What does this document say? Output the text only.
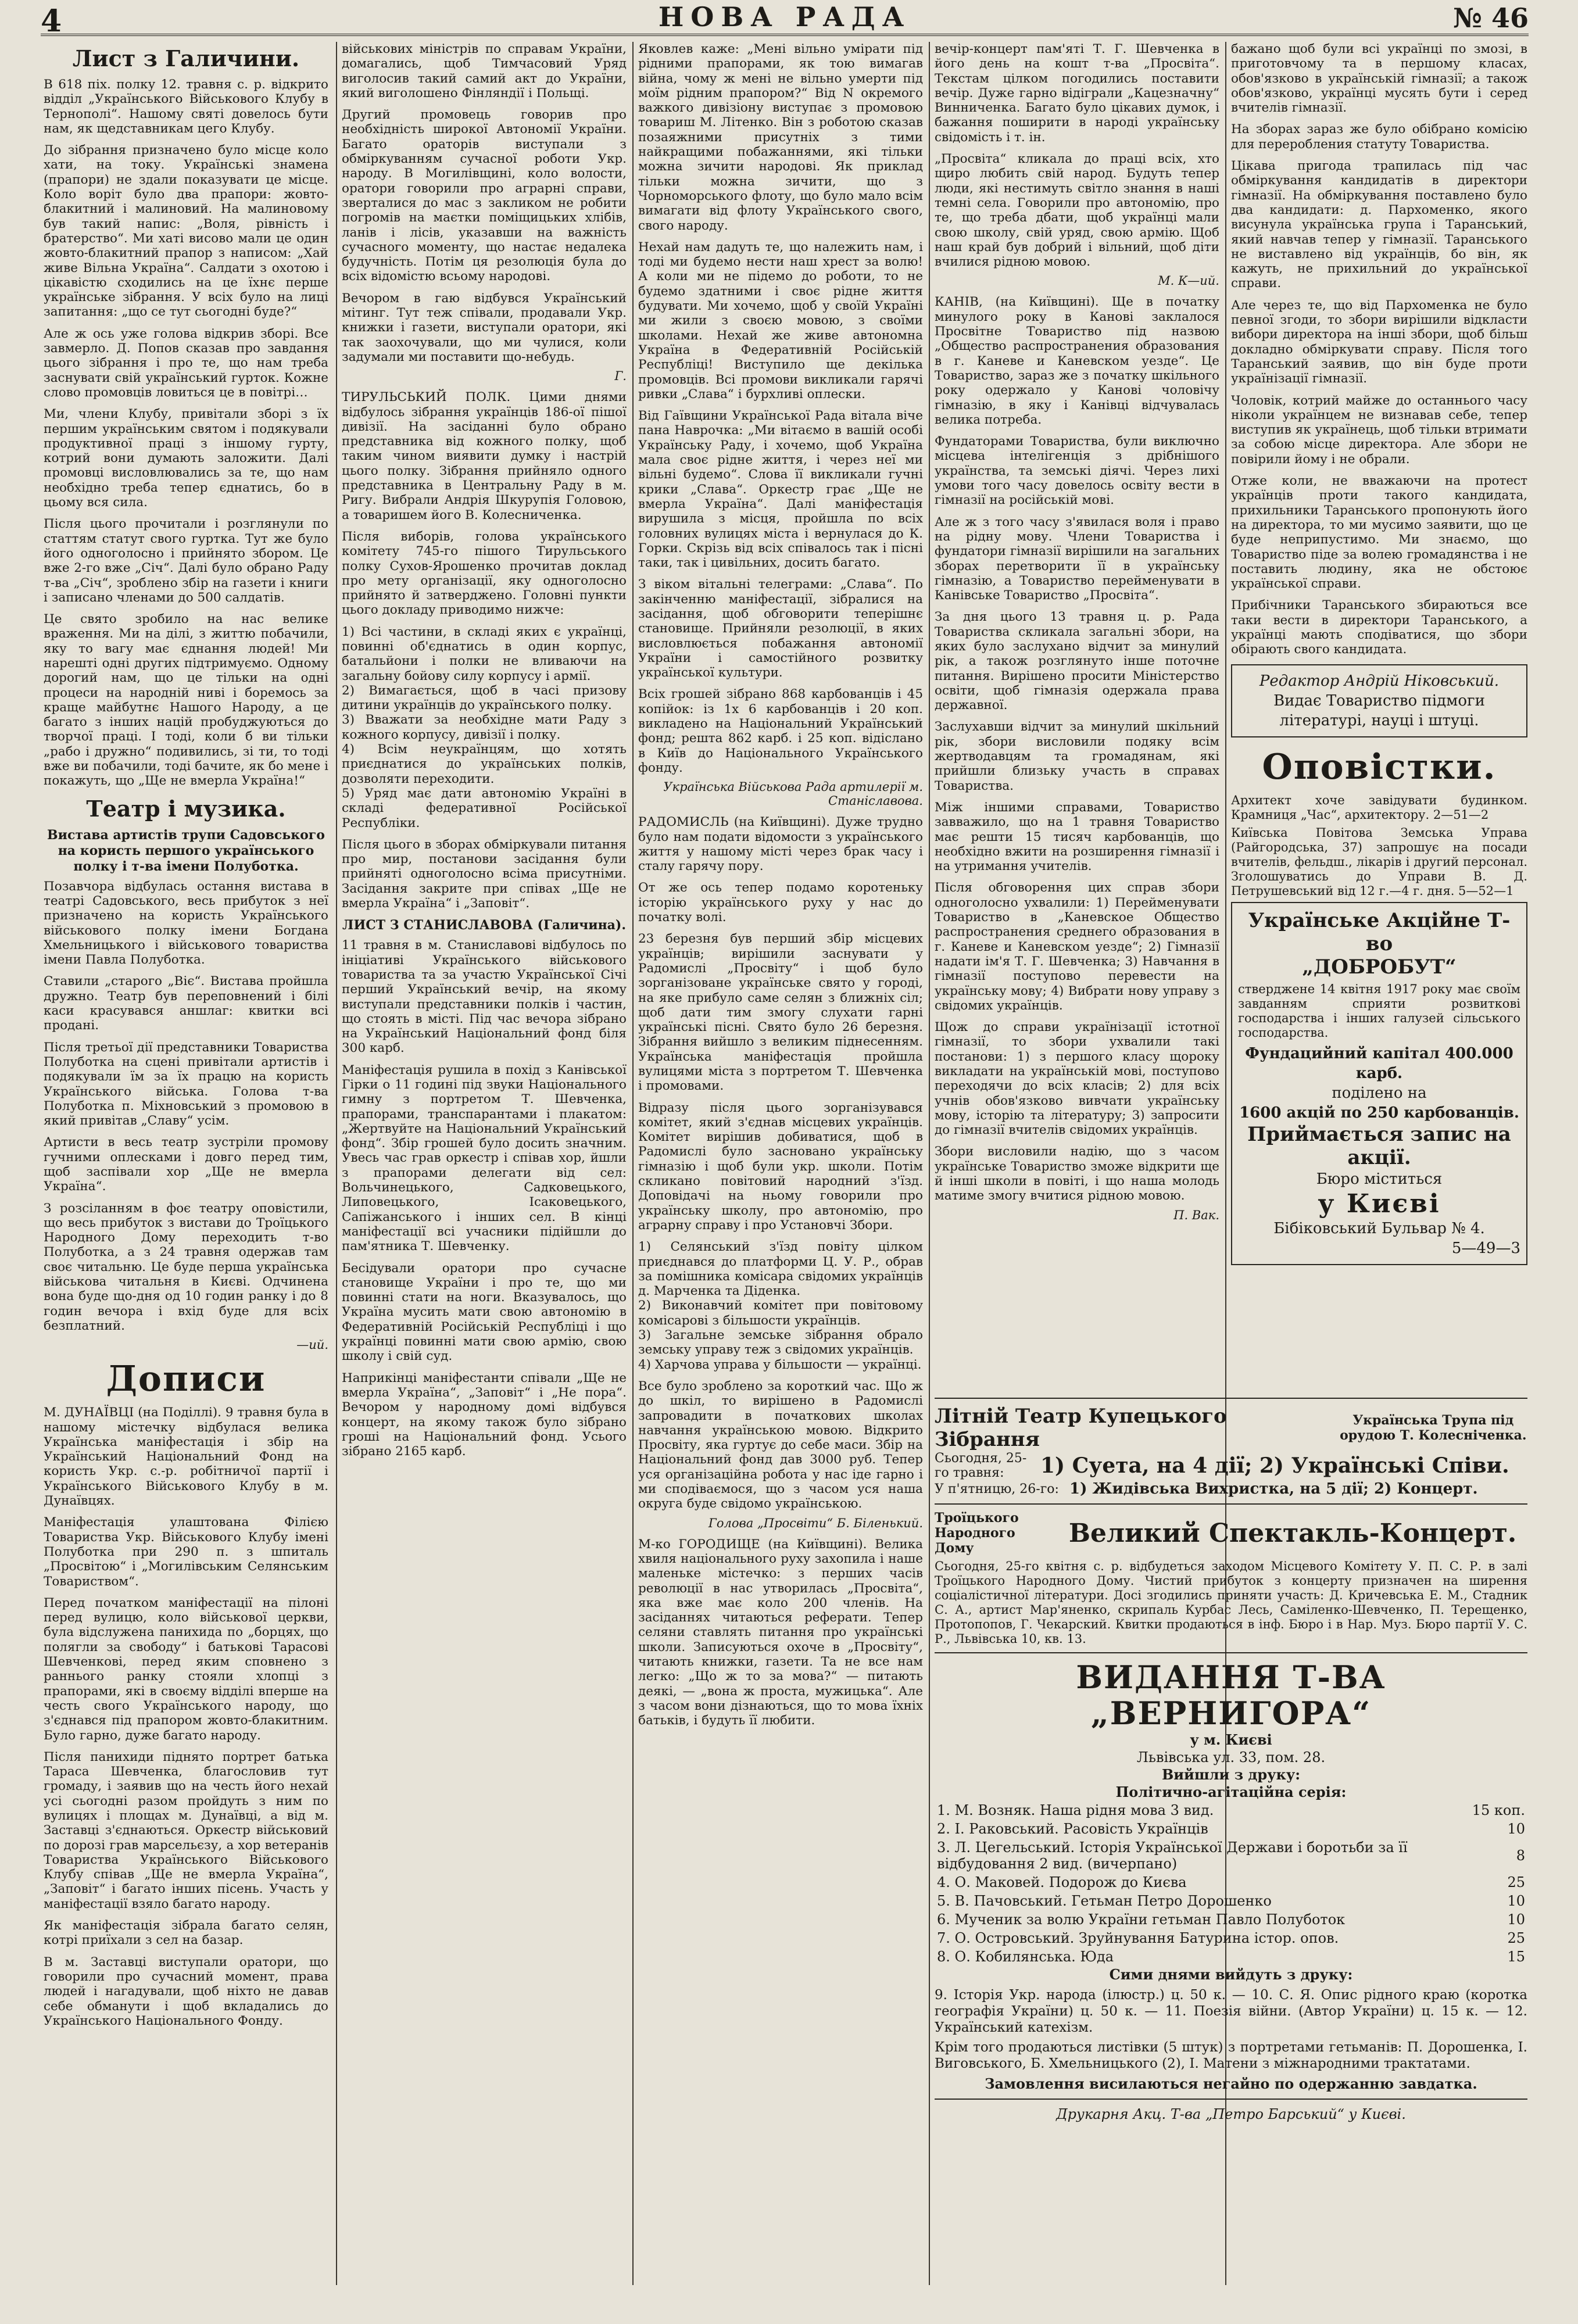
4	НОВА РАДА	№ 46
Лист з Галичини.

В 618 піх. полку 12. травня с. р. відкрито відділ „Українського Військового Клубу в Тернополі“. Нашому святі довелось бути нам, як щедставникам цего Клубу.

До зібрання призначено було місце коло хати, на току. Українські знамена (прапори) не здали показувати це місце. Коло воріт було два прапори: жовто-блакитний і малиновий. На малиновому був такий напис: „Воля, рівність і братерство“. Ми хаті висово мали це один жовто-блакитний прапор з написом: „Хай живе Вільна Україна“. Салдати з охотою і цікавістю сходились на це їхнє перше українське зібрання. У всіх було на лиці запитання: „що се тут сьогодні буде?“

Але ж ось уже голова відкрив зборі. Все завмерло. Д. Попов сказав про завдання цього зібрання і про те, що нам треба заснувати свій український гурток. Кожне слово промовців ловиться це в повітрі…

Ми, члени Клубу, привітали зборі з їх першим українським святом і подякували продуктивної праці з іншому гурту, котрий вони думають заложити. Далі промовці висловлювались за те, що нам необхідно треба тепер єднатись, бо в цьому вся сила.

Після цього прочитали і розглянули по статтям статут свого гуртка. Тут же було його одноголосно і прийнято збором. Це вже 2-го вже „Січ“. Далі було обрано Раду т-ва „Січ“, зроблено збір на газети і книги і записано членами до 500 салдатів.

Це свято зробило на нас велике враження. Ми на ділі, з життю побачили, яку то вагу має єднання людей! Ми нарешті одні других підтримуємо. Одному дорогий нам, що це тільки на одні процеси на народній ниві і боремось за краще майбутнє Нашого Народу, а це багато з інших націй пробуджуються до творчої праці. І тоді, коли б ви тільки „рабо і дружно“ подивились, зі ти, то тоді вже ви побачили, тоді бачите, як бо мене і покажуть, що „Ще не вмерла Україна!“

Театр і музика.
Вистава артистів трупи Садовського на користь першого українського полку і т-ва імени Полуботка.

Позавчора відбулась остання вистава в театрі Садовського, весь прибуток з неї призначено на користь Українського військового полку імени Богдана Хмельницького і військового товариства імени Павла Полуботка.

Ставили „старого „Віє“. Вистава пройшла дружно. Театр був переповнений і білі каси красувався аншлаг: квитки всі продані.

Після третьої дії представники Товариства Полуботка на сцені привітали артистів і подякували їм за їх працю на користь Українського війська. Голова т-ва Полуботка п. Міхновський з промовою в який привітав „Славу“ усім.

Артисти в весь театр зустріли промову гучними оплесками і довго перед тим, щоб заспівали хор „Ще не вмерла Україна“.

З розсіланням в фоє театру оповістили, що весь прибуток з вистави до Троїцького Народного Дому переходить т-во Полуботка, а з 24 травня одержав там своє читальню. Це буде перша українська військова читальня в Києві. Одчинена вона буде що-дня од 10 годин ранку і до 8 годин вечора і вхід буде для всіх безплатний.

—ий.
Дописи

М. ДУНАЇВЦІ (на Поділлі). 9 травня була в нашому містечку відбулася велика Українська маніфестація і збір на Український Національний Фонд на користь Укр. с.-р. робітничої партії і Українського Військового Клубу в м. Дунаївцях.

Маніфестація улаштована Філією Товариства Укр. Військового Клубу імені Полуботка при 290 п. з шпиталь „Просвітою“ і „Могилівським Селянським Товариством“.

Перед початком маніфестації на пілоні перед вулицю, коло військової церкви, була відслужена панихида по „борцях, що полягли за свободу“ і батькові Тарасові Шевченкові, перед яким сповнено з раннього ранку стояли хлопці з прапорами, які в своєму відділі вперше на честь свого Українського народу, що з'єднався під прапором жовто-блакитним. Було гарно, дуже багато народу.

Після панихиди піднято портрет батька Тараса Шевченка, благословив тут громаду, і заявив що на честь його нехай усі сьогодні разом пройдуть з ним по вулицях і площах м. Дунаївці, а від м. Заставці з'єднаються. Оркестр військовий по дорозі грав марсельєзу, а хор ветеранів Товариства Українського Військового Клубу співав „Ще не вмерла Україна“, „Заповіт“ і багато інших пісень. Участь у маніфестації взяло багато народу.

Як маніфестація зібрала багато селян, котрі приїхали з сел на базар.

В м. Заставці виступали оратори, що говорили про сучасний момент, права людей і нагадували, щоб ніхто не давав себе обманути і щоб вкладались до Українського Національного Фонду.

військових міністрів по справам України, домагались, щоб Тимчасовий Уряд виголосив такий самий акт до України, який виголошено Фінляндії і Польщі.

Другий промовець говорив про необхідність широкої Автономії України. Багато ораторів виступали з обміркуванням сучасної роботи Укр. народу. В Могилівщині, коло волости, оратори говорили про аграрні справи, зверталися до мас з закликом не робити погромів на маєтки поміщицьких хлібів, ланів і лісів, указавши на важність сучасного моменту, що настає недалека будучність. Потім ця резолюція була до всіх відомістю всьому народові.

Вечором в гаю відбувся Український мітинг. Тут теж співали, продавали Укр. книжки і газети, виступали оратори, які так заохочували, що ми чулися, коли задумали ми поставити що-небудь.

Г.

ТИРУЛЬСЬКИЙ ПОЛК. Цими днями відбулось зібрання українців 186-ої пішої дивізії. На засіданні було обрано представника від кожного полку, щоб таким чином виявити думку і настрій цього полку. Зібрання прийняло одного представника в Центральну Раду в м. Ригу. Вибрали Андрія Шкурупія Головою, а товаришем його В. Колесниченка.

Після виборів, голова українського комітету 745-го пішого Тирульського полку Сухов-Ярошенко прочитав доклад про мету організації, яку одноголосно прийнято й затверджено. Головні пункти цього докладу приводимо нижче:

1) Всі частини, в складі яких є українці, повинні об'єднатись в один корпус, батальйони і полки не вливаючи на загальну бойову силу корпусу і армії.
2) Вимагається, щоб в часі призову дитини українців до українського полку.
3) Вважати за необхідне мати Раду з кожного корпусу, дивізії і полку.
4) Всім неукраїнцям, що хотять приєднатися до українських полків, дозволяти переходити.
5) Уряд має дати автономію Україні в складі федеративної Російської Республіки.

Після цього в зборах обміркували питання про мир, постанови засідання були прийняті одноголосно всіма присутніми. Засідання закрите при співах „Ще не вмерла Україна“ і „Заповіт“.

ЛИСТ З СТАНИСЛАВОВА (Галичина).

11 травня в м. Станиславові відбулось по ініціативі Українського військового товариства та за участю Української Січі перший Український вечір, на якому виступали представники полків і частин, що стоять в місті. Під час вечора зібрано на Український Національний фонд біля 300 карб.

Маніфестація рушила в похід з Канівської Гірки о 11 годині під звуки Національного гимну з портретом Т. Шевченка, прапорами, транспарантами і плакатом: „Жертвуйте на Національний Український фонд“. Збір грошей було досить значним. Увесь час грав оркестр і співав хор, йшли з прапорами делегати від сел: Вольчинецького, Садковецького, Липовецького, Ісаковецького, Сапіжанського і інших сел. В кінці маніфестації всі учасники підійшли до пам'ятника Т. Шевченку.

Бесідували оратори про сучасне становище України і про те, що ми повинні стати на ноги. Вказувалось, що Україна мусить мати свою автономію в Федеративній Російській Республіці і що українці повинні мати свою армію, свою школу і свій суд.

Наприкінці маніфестанти співали „Ще не вмерла Україна“, „Заповіт“ і „Не пора“. Вечором у народному домі відбувся концерт, на якому також було зібрано гроші на Національний фонд. Усього зібрано 2165 карб.

Яковлев каже: „Мені вільно умірати під рідними прапорами, як тою вимагав війна, чому ж мені не вільно умерти під моїм рідним прапором?“ Від N окремого важкого дивізіону виступає з промовою товариш М. Літенко. Він з роботою сказав позаяжними присутніх з тими найкращими побажаннями, які тільки можна зичити народові. Як приклад тільки можна зичити, що з Чорноморського флоту, що було мало всім вимагати від флоту Українського свого, свого народу.

Нехай нам дадуть те, що належить нам, і тоді ми будемо нести наш хрест за волю! А коли ми не підемо до роботи, то не будемо здатними і своє рідне життя будувати. Ми хочемо, щоб у своїй Україні ми жили з своєю мовою, з своїми школами. Нехай же живе автономна Україна в Федеративній Російській Республіці! Виступило ще декілька промовців. Всі промови викликали гарячі ривки „Слава“ і бурхливі оплески.

Від Гаївщини Української Рада вітала віче пана Наврочка: „Ми вітаємо в вашій особі Українську Раду, і хочемо, щоб Україна мала своє рідне життя, і через неї ми вільні будемо“. Слова її викликали гучні крики „Слава“. Оркестр грає „Ще не вмерла Україна“. Далі маніфестація вирушила з місця, пройшла по всіх головних вулицях міста і вернулася до К. Горки. Скрізь від всіх співалось так і пісні таки, так і цивільних, досить багато.

З віком вітальні телеграми: „Слава“. По закінченню маніфестації, зібралися на засідання, щоб обговорити теперішнє становище. Прийняли резолюції, в яких висловлюється побажання автономії України і самостійного розвитку української культури.

Всіх грошей зібрано 868 карбованців і 45 копійок: із 1х 6 карбованців і 20 коп. викладено на Національний Український фонд; решта 862 карб. і 25 коп. відіслано в Київ до Національного Українського фонду.

Українська Військова Рада артилерії м. Станіславова.

РАДОМИСЛЬ (на Київщині). Дуже трудно було нам подати відомости з українського життя у нашому місті через брак часу і сталу гарячу пору.

От же ось тепер подамо коротеньку історію українського руху у нас до початку волі.

23 березня був перший збір місцевих українців; вирішили заснувати у Радомислі „Просвіту“ і щоб було зорганізоване українське свято у городі, на яке прибуло саме селян з ближніх сіл; щоб дати тим змогу слухати гарні українські пісні. Свято було 26 березня. Зібрання вийшло з великим піднесенням. Українська маніфестація пройшла вулицями міста з портретом Т. Шевченка і промовами.

Відразу після цього зорганізувався комітет, який з'єднав місцевих українців. Комітет вирішив добиватися, щоб в Радомислі було засновано українську гімназію і щоб були укр. школи. Потім скликано повітовий народний з'їзд. Доповідачі на ньому говорили про українську школу, про автономію, про аграрну справу і про Установчі Збори.

1) Селянський з'їзд повіту цілком приєднався до платформи Ц. У. Р., обрав за помішника комісара свідомих українців д. Марченка та Діденка.
2) Виконавчий комітет при повітовому комісарові з більшости українців.
3) Загальне земське зібрання обрало земську управу теж з свідомих українців.
4) Харчова управа у більшости — українці.

Все було зроблено за короткий час. Що ж до шкіл, то вирішено в Радомислі запровадити в початкових школах навчання українською мовою. Відкрито Просвіту, яка гуртує до себе маси. Збір на Національний фонд дав 3000 руб. Тепер уся організаційна робота у нас іде гарно і ми сподіваємося, що з часом уся наша округа буде свідомо українською.

Голова „Просвіти“ Б. Біленький.

М-ко ГОРОДИЩЕ (на Київщині). Велика хвиля національного руху захопила і наше маленьке містечко: з перших часів революції в нас утворилась „Просвіта“, яка вже має коло 200 членів. На засіданнях читаються реферати. Тепер селяни ставлять питання про українські школи. Записуються охоче в „Просвіту“, читають книжки, газети. Та не все нам легко: „Що ж то за мова?“ — питають деякі, — „вона ж проста, мужицька“. Але з часом вони дізнаються, що то мова їхніх батьків, і будуть її любити.

вечір-концерт пам'яті Т. Г. Шевченка в його день на кошт т-ва „Просвіта“. Текстам цілком погодились поставити вечір. Дуже гарно відіграли „Кацезначну“ Винниченка. Багато було цікавих думок, і бажання поширити в народі українську свідомість і т. ін.

„Просвіта“ кликала до праці всіх, хто щиро любить свій народ. Будуть тепер люди, які нестимуть світло знання в наші темні села. Говорили про автономію, про те, що треба дбати, щоб українці мали свою школу, свій уряд, свою армію. Щоб наш край був добрий і вільний, щоб діти вчилися рідною мовою.

М. К—ий.

КАНІВ, (на Київщині). Ще в початку минулого року в Канові заклалося Просвітне Товариство під назвою „Общество распространения образования в г. Каневе и Каневском уезде“. Це Товариство, зараз же з початку шкільного року одержало у Канові чоловічу гімназію, в яку і Канівці відчувалась велика потреба.

Фундаторами Товариства, були виключно місцева інтелігенція з дрібнішого українства, та земські діячі. Через лихі умови того часу довелось освіту вести в гімназії на російській мові.

Але ж з того часу з'явилася воля і право на рідну мову. Члени Товариства і фундатори гімназії вирішили на загальних зборах перетворити її в українську гімназію, а Товариство перейменувати в Канівське Товариство „Просвіта“.

За дня цього 13 травня ц. р. Рада Товариства скликала загальні збори, на яких було заслухано відчит за минулий рік, а також розглянуто інше поточне питання. Вирішено просити Міністерство освіти, щоб гімназія одержала права державної.

Заслухавши відчит за минулий шкільний рік, збори висловили подяку всім жертводавцям та громадянам, які прийшли близьку участь в справах Товариства.

Між іншими справами, Товариство завважило, що на 1 травня Товариство має решти 15 тисяч карбованців, що необхідно вжити на розширення гімназії і на утримання учителів.

Після обговорення цих справ збори одноголосно ухвалили: 1) Перейменувати Товариство в „Каневское Общество распространения среднего образования в г. Каневе и Каневском уезде“; 2) Гімназії надати ім'я Т. Г. Шевченка; 3) Навчання в гімназії поступово перевести на українську мову; 4) Вибрати нову управу з свідомих українців.

Щож до справи українізації істотної гімназії, то збори ухвалили такі постанови: 1) з першого класу щороку викладати на українській мові, поступово переходячи до всіх класів; 2) для всіх учнів обов'язково вивчати українську мову, історію та літературу; 3) запросити до гімназії вчителів свідомих українців.

Збори висловили надію, що з часом українське Товариство зможе відкрити ще й інші школи в повіті, і що наша молодь матиме змогу вчитися рідною мовою.

П. Вак.

бажано щоб були всі українці по змозі, в приготовчому та в першому класах, обов'язково в українській гімназії; а також обов'язково, українці мусять бути і серед вчителів гімназії.

На зборах зараз же було обібрано комісію для переробления статуту Товариства.

Цікава пригода трапилась під час обміркування кандидатів в директори гімназії. На обміркування поставлено було два кандидати: д. Пархоменко, якого висунула українська група і Таранський, який навчав тепер у гімназії. Таранського не виставлено від українців, бо він, як кажуть, не прихильний до української справи.

Але через те, що від Пархоменка не було певної згоди, то збори вирішили відкласти вибори директора на інші збори, щоб більш докладно обміркувати справу. Після того Таранський заявив, що він буде проти українізації гімназії.

Чоловік, котрий майже до останнього часу ніколи українцем не визнавав себе, тепер виступив як українець, щоб тільки втримати за собою місце директора. Але збори не повірили йому і не обрали.

Отже коли, не вважаючи на протест українців проти такого кандидата, прихильники Таранського пропонують його на директора, то ми мусимо заявити, що це буде неприпустимо. Ми знаємо, що Товариство піде за волею громадянства і не поставить людину, яка не обстоює української справи.

Прибічники Таранського збираються все таки вести в директори Таранського, а українці мають сподіватися, що збори обірають свого кандидата.

Редактор Андрій Ніковський.
Видає Товариство підмоги літературі, науці і штуці.
Оповістки.

Архитект хоче завідувати будинком. Крамниця „Час“, архитектору. 2—51—2

Київська Повітова Земська Управа (Райгородська, 37) запрошує на посади вчителів, фельдш., лікарів і другий персонал. Зголошуватись до Управи В. Д. Петрушевський від 12 г.—4 г. дня. 5—52—1

Українське Акційне Т-во
„ДОБРОБУТ“
стверджене 14 квітня 1917 року має своїм завданням сприяти розвиткові господарства і інших галузей сільського господарства.
Фундацийний капітал 400.000 карб.
поділено на
1600 акцій по 250 карбованців.
Приймається запис на акції.
Бюро міститься
у Києві
Бібіковський Бульвар № 4.
5—49—3
Літній Театр Купецького Зібрання
Українська Трупа під орудою Т. Колесніченка.
Сьогодня, 25-го травня:	1) Суета, на 4 дії; 2) Українські Співи.
У п'ятницю, 26-го: 1) Жидівська Вихристка, на 5 дії; 2) Концерт.
Троїцького Народного Дому
Великий Спектакль-Концерт.

Сьогодня, 25-го квітня с. р. відбудеться заходом Місцевого Комітету У. П. С. Р. в залі Троїцького Народного Дому. Чистий прибуток з концерту призначен на ширення соціалістичної літератури. Досі згодились приняти участь: Д. Кричевська Е. М., Стадник С. А., артист Мар'яненко, скрипаль Курбас Лесь, Саміленко-Шевченко, П. Терещенко, Протопопов, Г. Чекарский. Квитки продаються в інф. Бюро і в Нар. Муз. Бюро партії У. С. Р., Львівська 10, кв. 13.

ВИДАННЯ Т-ВА „ВЕРНИГОРА“
у м. Києві
Львівська ул. 33, пом. 28.
Вийшли з друку:
Політично-агітаційна серія:
1. М. Возняк. Наша рідня мова 3 вид.	15 коп.
2. І. Раковський. Расовість Українців	10
3. Л. Цегельський. Історія Української Держави і боротьби за її відбудовання 2 вид. (вичерпано)	8
4. О. Маковей. Подорож до Києва	25
5. В. Пачовський. Гетьман Петро Дорошенко	10
6. Мученик за волю України гетьман Павло Полуботок	10
7. О. Островський. Зруйнування Батурина істор. опов.	25
8. О. Кобилянська. Юда	15
Сими днями вийдуть з друку:

9. Історія Укр. народа (ілюстр.) ц. 50 к. — 10. С. Я. Опис рідного краю (коротка географія України) ц. 50 к. — 11. Поезія війни. (Автор України) ц. 15 к. — 12. Український катехізм.

Крім того продаються листівки (5 штук) з портретами гетьманів: П. Дорошенка, І. Виговського, Б. Хмельницького (2), І. Матени з міжнародними трактатами.

Замовлення висилаються негайно по одержанню завдатка.
Друкарня Акц. Т-ва „Петро Барський“ у Києві.
